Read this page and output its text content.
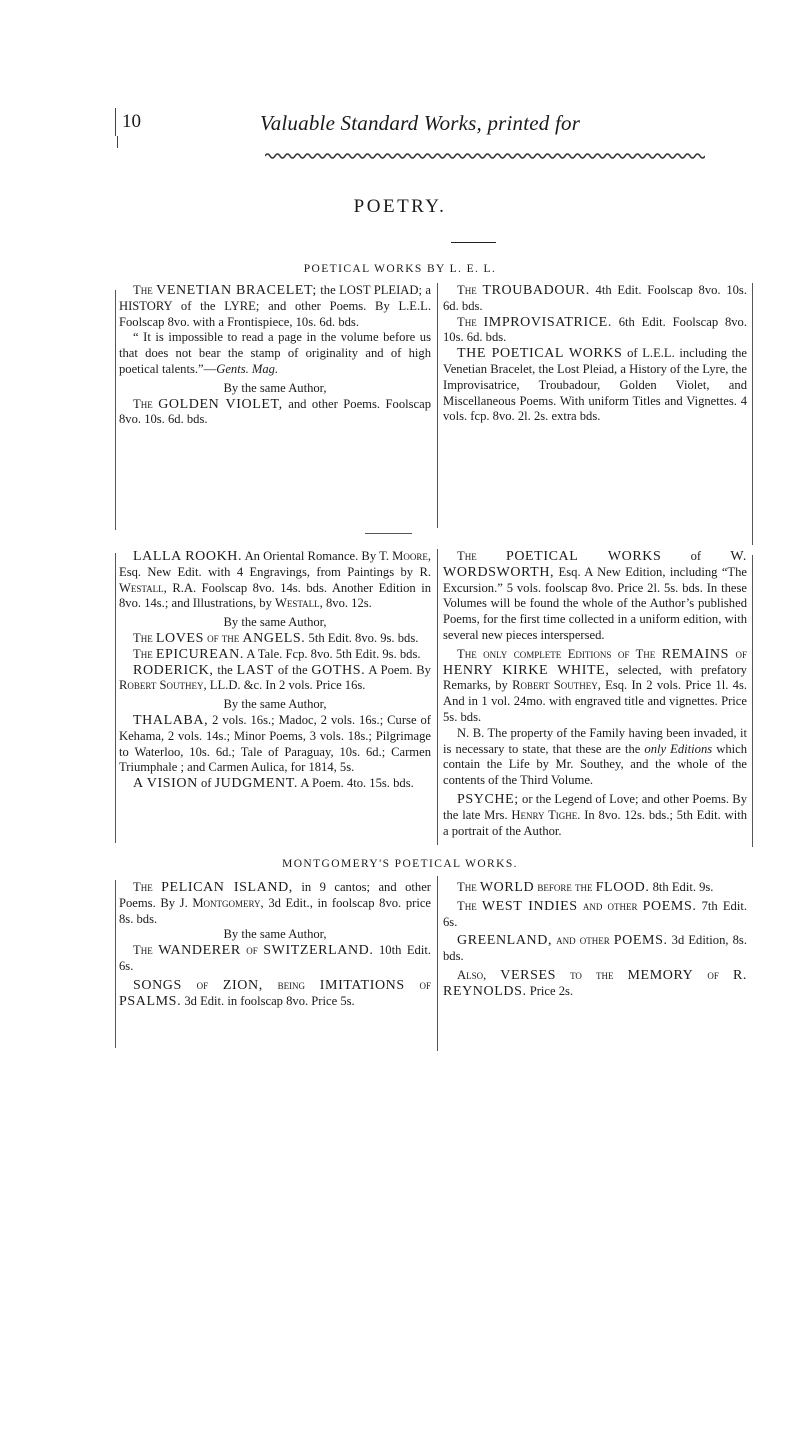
10	Valuable Standard Works, printed for
POETRY.
POETICAL WORKS BY L. E. L.

The VENETIAN BRACELET; the LOST PLEIAD; a HISTORY of the LYRE; and other Poems. By L.E.L. Foolscap 8vo. with a Frontispiece, 10s. 6d. bds.

“ It is impossible to read a page in the volume before us that does not bear the stamp of originality and of high poetical talents.”—Gents. Mag.

By the same Author,

The GOLDEN VIOLET, and other Poems. Foolscap 8vo. 10s. 6d. bds.

The TROUBADOUR. 4th Edit. Foolscap 8vo. 10s. 6d. bds.

The IMPROVISATRICE. 6th Edit. Foolscap 8vo. 10s. 6d. bds.

THE POETICAL WORKS of L.E.L. including the Venetian Bracelet, the Lost Pleiad, a History of the Lyre, the Improvisatrice, Troubadour, Golden Violet, and Miscellaneous Poems. With uniform Titles and Vignettes. 4 vols. fcp. 8vo. 2l. 2s. extra bds.

LALLA ROOKH. An Oriental Romance. By T. Moore, Esq. New Edit. with 4 Engravings, from Paintings by R. Westall, R.A. Foolscap 8vo. 14s. bds. Another Edition in 8vo. 14s.; and Illustrations, by Westall, 8vo. 12s.

By the same Author,

The LOVES of the ANGELS. 5th Edit. 8vo. 9s. bds.

The EPICUREAN. A Tale. Fcp. 8vo. 5th Edit. 9s. bds.

RODERICK, the LAST of the GOTHS. A Poem. By Robert Southey, LL.D. &c. In 2 vols. Price 16s.

By the same Author,

THALABA, 2 vols. 16s.; Madoc, 2 vols. 16s.; Curse of Kehama, 2 vols. 14s.; Minor Poems, 3 vols. 18s.; Pilgrimage to Waterloo, 10s. 6d.; Tale of Paraguay, 10s. 6d.; Carmen Triumphale ; and Carmen Aulica, for 1814, 5s.

A VISION of JUDGMENT. A Poem. 4to. 15s. bds.

The POETICAL WORKS of W. WORDSWORTH, Esq. A New Edition, including “The Excursion.” 5 vols. foolscap 8vo. Price 2l. 5s. bds. In these Volumes will be found the whole of the Author’s published Poems, for the first time collected in a uniform edition, with several new pieces interspersed.

The only complete Editions of The REMAINS of HENRY KIRKE WHITE, selected, with prefatory Remarks, by Robert Southey, Esq. In 2 vols. Price 1l. 4s. And in 1 vol. 24mo. with engraved title and vignettes. Price 5s. bds.

N. B. The property of the Family having been invaded, it is necessary to state, that these are the only Editions which contain the Life by Mr. Southey, and the whole of the contents of the Third Volume.

PSYCHE; or the Legend of Love; and other Poems. By the late Mrs. Henry Tighe. In 8vo. 12s. bds.; 5th Edit. with a portrait of the Author.

MONTGOMERY'S POETICAL WORKS.

The PELICAN ISLAND, in 9 cantos; and other Poems. By J. Montgomery, 3d Edit., in foolscap 8vo. price 8s. bds.

By the same Author,

The WANDERER of SWITZERLAND. 10th Edit. 6s.

SONGS of ZION, being IMITATIONS of PSALMS. 3d Edit. in foolscap 8vo. Price 5s.

The WORLD before the FLOOD. 8th Edit. 9s.

The WEST INDIES and other POEMS. 7th Edit. 6s.

GREENLAND, and other POEMS. 3d Edition, 8s. bds.

Also, VERSES to the MEMORY of R. REYNOLDS. Price 2s.
